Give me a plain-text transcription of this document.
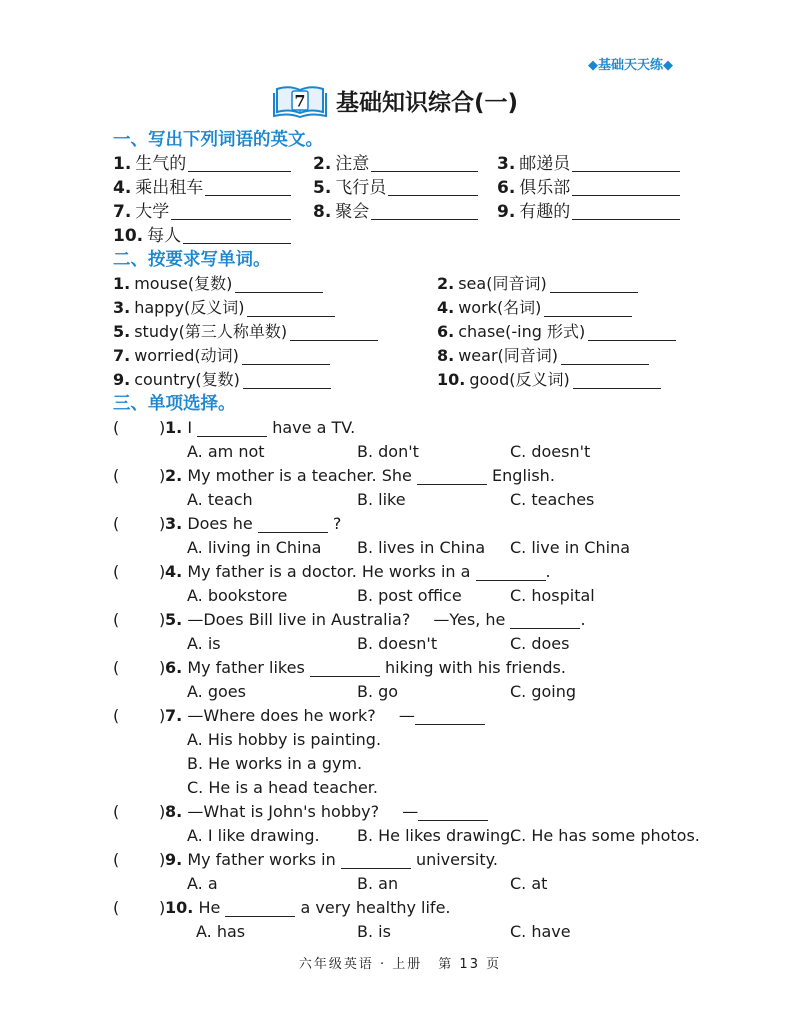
◆基础天天练◆
7 基础知识综合(一)
一、写出下列词语的英文。
1. 生气的	2. 注意	3. 邮递员
4. 乘出租车	5. 飞行员	6. 俱乐部
7. 大学	8. 聚会	9. 有趣的
10. 每人
二、按要求写单词。
1. mouse(复数)	2. sea(同音词)
3. happy(反义词)	4. work(名词)
5. study(第三人称单数)	6. chase(-ing 形式)
7. worried(动词)	8. wear(同音词)
9. country(复数)	10. good(反义词)
三、单项选择。
( ) 1. I	have a TV.
A. am not	B. don't	C. doesn't
( ) 2. My mother is a teacher. She	English.
A. teach	B. like	C. teaches
( ) 3. Does he	?
A. living in China B. lives in China C. live in China
( ) 4. My father is a doctor. He works in a	.
A. bookstore	B. post office	C. hospital
( ) 5. —Does Bill live in Australia? —Yes, he	.
A. is	B. doesn't	C. does
( ) 6. My father likes	hiking with his friends.
A. goes	B. go	C. going
( ) 7. —Where does he work? —
A. His hobby is painting.
B. He works in a gym.
C. He is a head teacher.
( ) 8. —What is John's hobby? —
A. I like drawing. B. He likes drawing.
C. He has some photos.
( ) 9. My father works in	university.
A. a	B. an	C. at
( ) 10. He	a very healthy life.
A. has	B. is	C. have
六年级英语 · 上册 第 13 页
